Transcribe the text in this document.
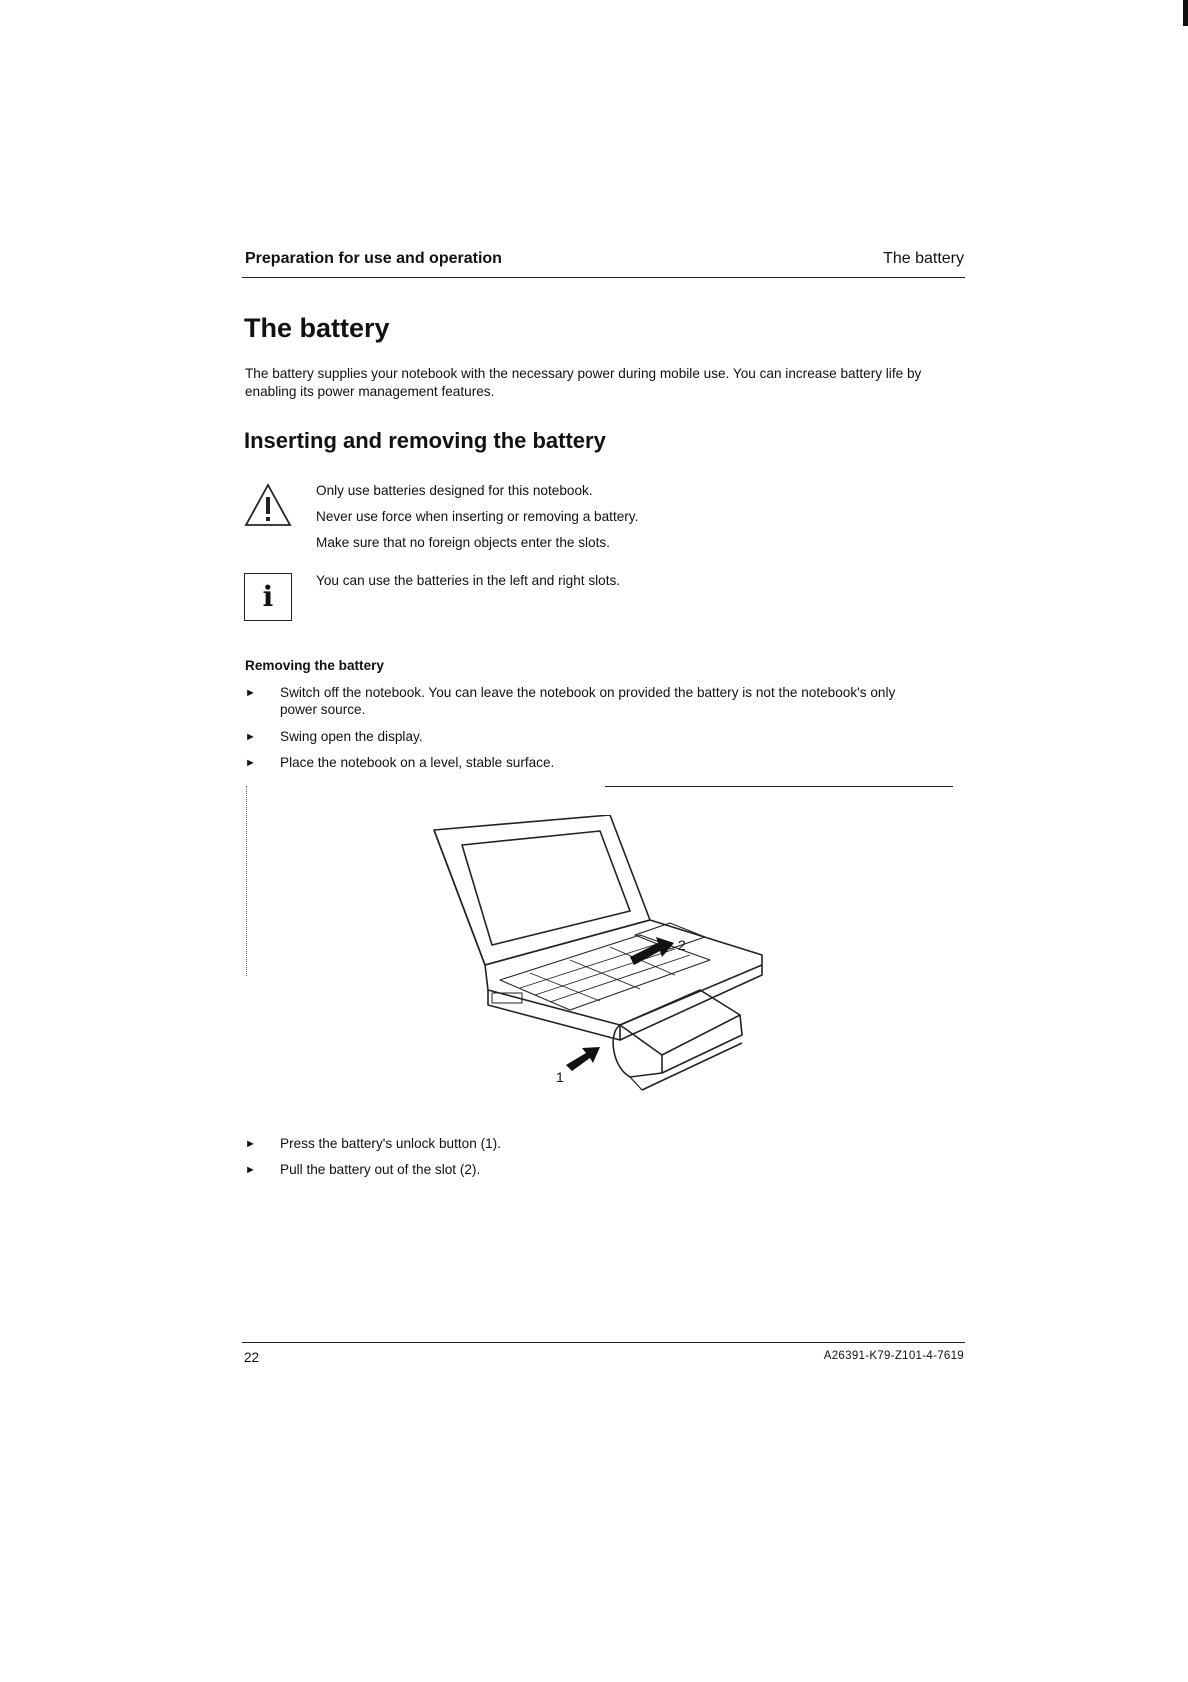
Preparation for use and operation	The battery
The battery
The battery supplies your notebook with the necessary power during mobile use. You can increase battery life by enabling its power management features.
Inserting and removing the battery
Only use batteries designed for this notebook.
Never use force when inserting or removing a battery.
Make sure that no foreign objects enter the slots.
i	You can use the batteries in the left and right slots.
Removing the battery
► Switch off the notebook. You can leave the notebook on provided the battery is not the notebook's only power source.
► Swing open the display.
► Place the notebook on a level, stable surface.
2
1
► Press the battery's unlock button (1).
► Pull the battery out of the slot (2).
22	A26391-K79-Z101-4-7619
